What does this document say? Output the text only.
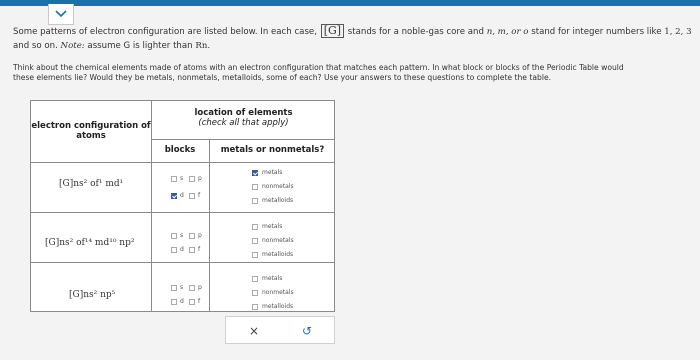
Some patterns of electron configuration are listed below. In each case, [G] stands for a noble-gas core and n, m, or o stand for integer numbers like 1, 2, 3
and so on. Note: assume G is lighter than Rn.
Think about the chemical elements made of atoms with an electron configuration that matches each pattern. In what block or blocks of the Periodic Table would
these elements lie? Would they be metals, nonmetals, metalloids, some of each? Use your answers to these questions to complete the table.
electron configuration of atoms
location of elements
(check all that apply)
blocks	metals or nonmetals?
[G]ns² of¹ md¹
s p
d f
metals
nonmetals
metalloids
[G]ns² of¹⁴ md¹⁰ np²
s p
d f
metals
nonmetals
metalloids
[G]ns² np⁵
s p
d f
metals
nonmetals
metalloids
×	↺
